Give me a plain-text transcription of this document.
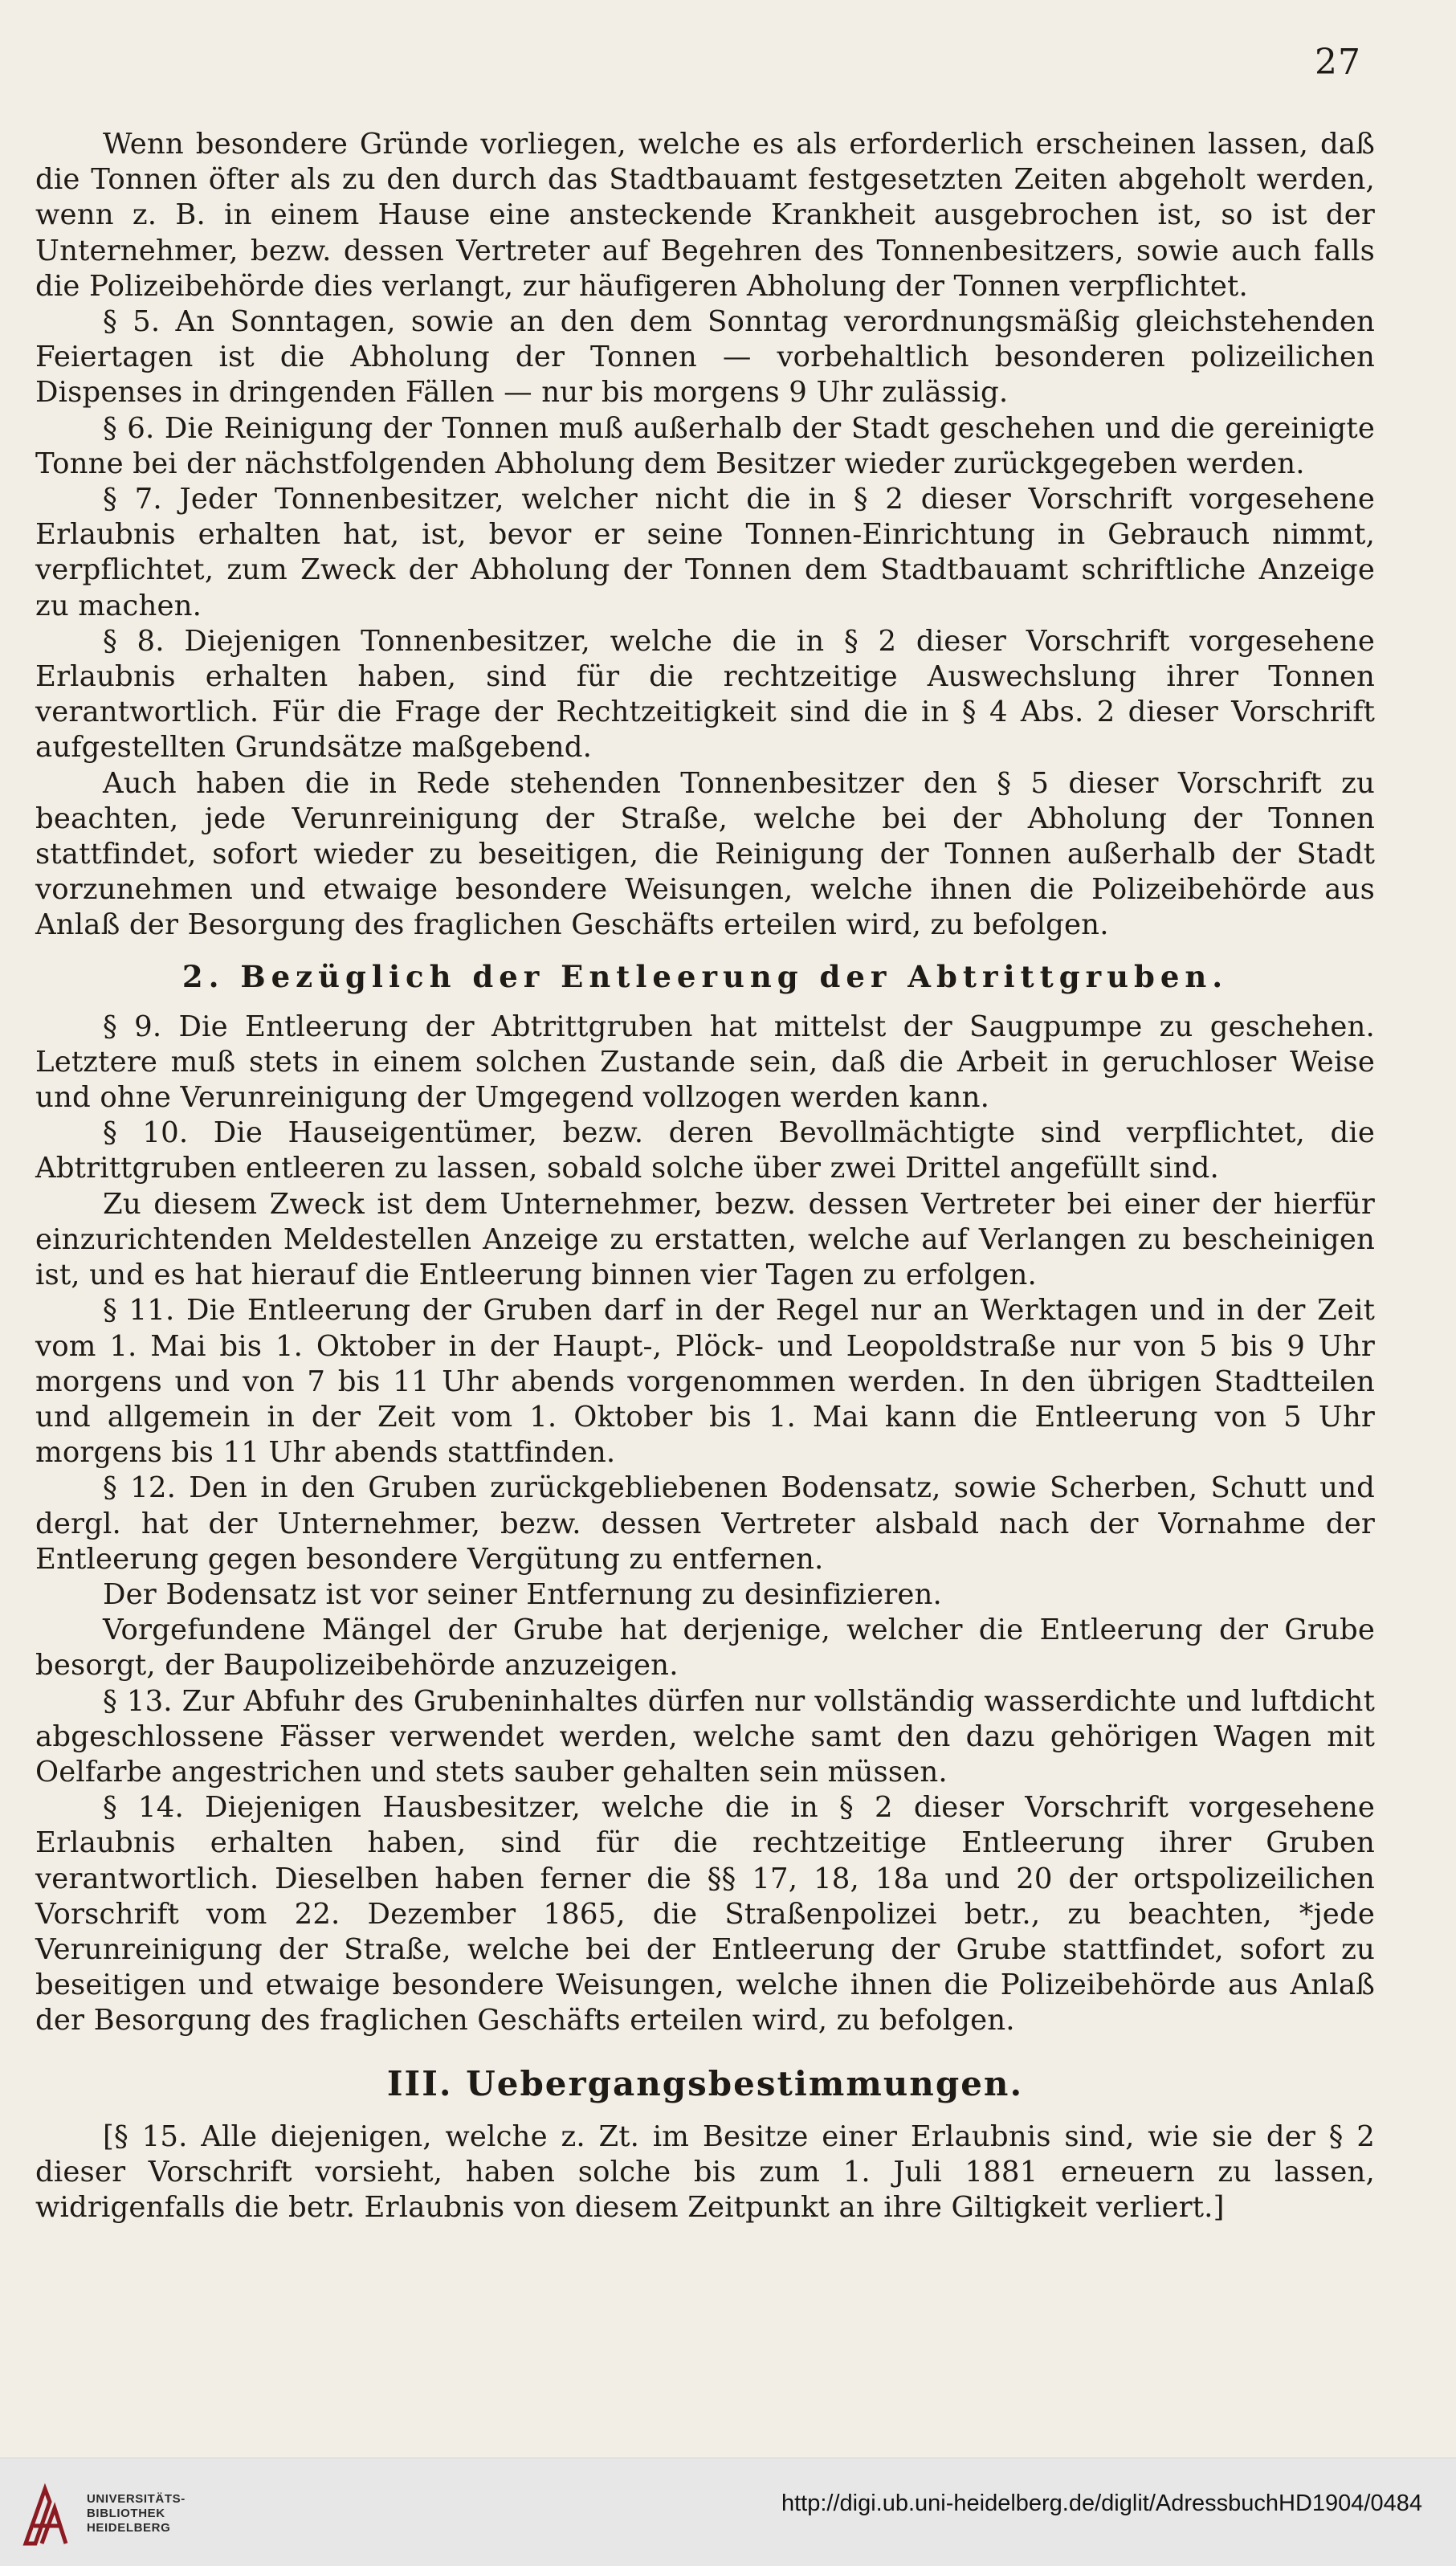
27

Wenn besondere Gründe vorliegen, welche es als erforderlich erscheinen lassen, daß die Tonnen öfter als zu den durch das Stadtbauamt festgesetzten Zeiten abgeholt werden, wenn z. B. in einem Hause eine ansteckende Krankheit ausgebrochen ist, so ist der Unternehmer, bezw. dessen Vertreter auf Begehren des Tonnenbesitzers, sowie auch falls die Polizeibehörde dies verlangt, zur häufigeren Abholung der Tonnen verpflichtet.

§ 5. An Sonntagen, sowie an den dem Sonntag verordnungsmäßig gleichstehenden Feiertagen ist die Abholung der Tonnen — vorbehaltlich besonderen polizeilichen Dispenses in dringenden Fällen — nur bis morgens 9 Uhr zulässig.

§ 6. Die Reinigung der Tonnen muß außerhalb der Stadt geschehen und die gereinigte Tonne bei der nächstfolgenden Abholung dem Besitzer wieder zurückgegeben werden.

§ 7. Jeder Tonnenbesitzer, welcher nicht die in § 2 dieser Vorschrift vorgesehene Erlaubnis erhalten hat, ist, bevor er seine Tonnen-Einrichtung in Gebrauch nimmt, verpflichtet, zum Zweck der Abholung der Tonnen dem Stadtbauamt schriftliche Anzeige zu machen.

§ 8. Diejenigen Tonnenbesitzer, welche die in § 2 dieser Vorschrift vorgesehene Erlaubnis erhalten haben, sind für die rechtzeitige Auswechslung ihrer Tonnen verantwortlich. Für die Frage der Rechtzeitigkeit sind die in § 4 Abs. 2 dieser Vorschrift aufgestellten Grundsätze maßgebend.

Auch haben die in Rede stehenden Tonnenbesitzer den § 5 dieser Vorschrift zu beachten, jede Verunreinigung der Straße, welche bei der Abholung der Tonnen stattfindet, sofort wieder zu beseitigen, die Reinigung der Tonnen außerhalb der Stadt vorzunehmen und etwaige besondere Weisungen, welche ihnen die Polizeibehörde aus Anlaß der Besorgung des fraglichen Geschäfts erteilen wird, zu befolgen.

2. Bezüglich der Entleerung der Abtrittgruben.

§ 9. Die Entleerung der Abtrittgruben hat mittelst der Saugpumpe zu geschehen. Letztere muß stets in einem solchen Zustande sein, daß die Arbeit in geruchloser Weise und ohne Verunreinigung der Umgegend vollzogen werden kann.

§ 10. Die Hauseigentümer, bezw. deren Bevollmächtigte sind verpflichtet, die Abtrittgruben entleeren zu lassen, sobald solche über zwei Drittel angefüllt sind.

Zu diesem Zweck ist dem Unternehmer, bezw. dessen Vertreter bei einer der hierfür einzurichtenden Meldestellen Anzeige zu erstatten, welche auf Verlangen zu bescheinigen ist, und es hat hierauf die Entleerung binnen vier Tagen zu erfolgen.

§ 11. Die Entleerung der Gruben darf in der Regel nur an Werktagen und in der Zeit vom 1. Mai bis 1. Oktober in der Haupt-, Plöck- und Leopoldstraße nur von 5 bis 9 Uhr morgens und von 7 bis 11 Uhr abends vorgenommen werden. In den übrigen Stadtteilen und allgemein in der Zeit vom 1. Oktober bis 1. Mai kann die Entleerung von 5 Uhr morgens bis 11 Uhr abends stattfinden.

§ 12. Den in den Gruben zurückgebliebenen Bodensatz, sowie Scherben, Schutt und dergl. hat der Unternehmer, bezw. dessen Vertreter alsbald nach der Vornahme der Entleerung gegen besondere Vergütung zu entfernen.

Der Bodensatz ist vor seiner Entfernung zu desinfizieren.

Vorgefundene Mängel der Grube hat derjenige, welcher die Entleerung der Grube besorgt, der Baupolizeibehörde anzuzeigen.

§ 13. Zur Abfuhr des Grubeninhaltes dürfen nur vollständig wasserdichte und luftdicht abgeschlossene Fässer verwendet werden, welche samt den dazu gehörigen Wagen mit Oelfarbe angestrichen und stets sauber gehalten sein müssen.

§ 14. Diejenigen Hausbesitzer, welche die in § 2 dieser Vorschrift vorgesehene Erlaubnis erhalten haben, sind für die rechtzeitige Entleerung ihrer Gruben verantwortlich. Dieselben haben ferner die §§ 17, 18, 18a und 20 der ortspolizeilichen Vorschrift vom 22. Dezember 1865, die Straßenpolizei betr., zu beachten, *jede Verunreinigung der Straße, welche bei der Entleerung der Grube stattfindet, sofort zu beseitigen und etwaige besondere Weisungen, welche ihnen die Polizeibehörde aus Anlaß der Besorgung des fraglichen Geschäfts erteilen wird, zu befolgen.

III. Uebergangsbestimmungen.

[§ 15. Alle diejenigen, welche z. Zt. im Besitze einer Erlaubnis sind, wie sie der § 2 dieser Vorschrift vorsieht, haben solche bis zum 1. Juli 1881 erneuern zu lassen, widrigenfalls die betr. Erlaubnis von diesem Zeitpunkt an ihre Giltigkeit verliert.]

UNIVERSITÄTS-
BIBLIOTHEK
HEIDELBERG
http://digi.ub.uni-heidelberg.de/diglit/AdressbuchHD1904/0484
